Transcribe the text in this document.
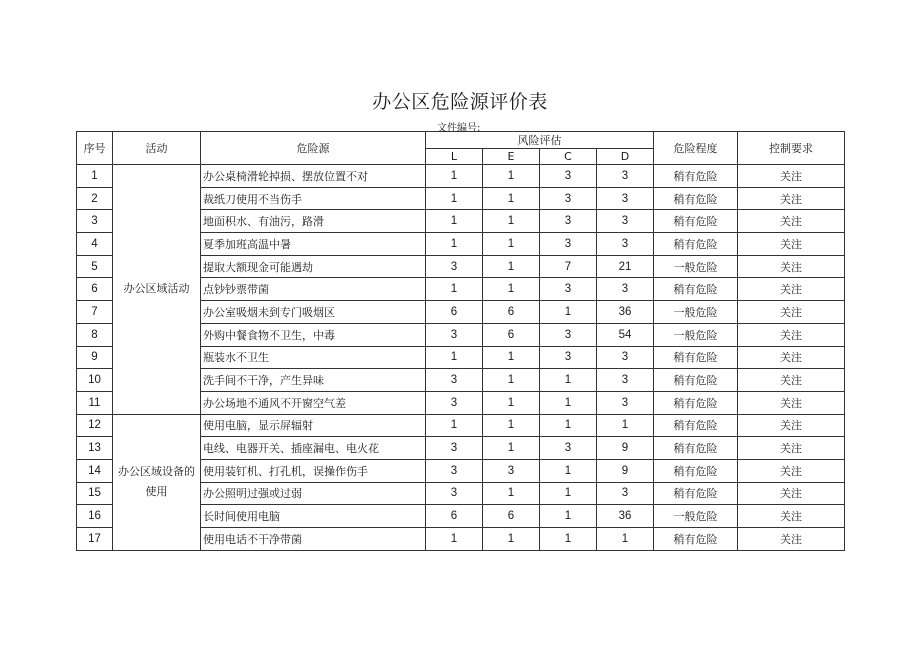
办公区危险源评价表
文件编号:
序号	活动	危险源	风险评估				危险程度	控制要求
			L	E	C	D		
1	办公区域活动	办公桌椅滑轮掉损、摆放位置不对	1	1	3	3	稍有危险	关注
2		裁纸刀使用不当伤手	1	1	3	3	稍有危险	关注
3		地面积水、有油污，路滑	1	1	3	3	稍有危险	关注
4		夏季加班高温中暑	1	1	3	3	稍有危险	关注
5		提取大额现金可能遇劫	3	1	7	21	一般危险	关注
6		点钞钞票带菌	1	1	3	3	稍有危险	关注
7		办公室吸烟未到专门吸烟区	6	6	1	36	一般危险	关注
8		外购中餐食物不卫生，中毒	3	6	3	54	一般危险	关注
9		瓶装水不卫生	1	1	3	3	稍有危险	关注
10		洗手间不干净，产生异味	3	1	1	3	稍有危险	关注
11		办公场地不通风不开窗空气差	3	1	1	3	稍有危险	关注
12	办公区域设备的使用	使用电脑，显示屏辐射	1	1	1	1	稍有危险	关注
13		电线、电器开关、插座漏电、电火花	3	1	3	9	稍有危险	关注
14		使用装钉机、打孔机，误操作伤手	3	3	1	9	稍有危险	关注
15		办公照明过强或过弱	3	1	1	3	稍有危险	关注
16		长时间使用电脑	6	6	1	36	一般危险	关注
17		使用电话不干净带菌	1	1	1	1	稍有危险	关注
